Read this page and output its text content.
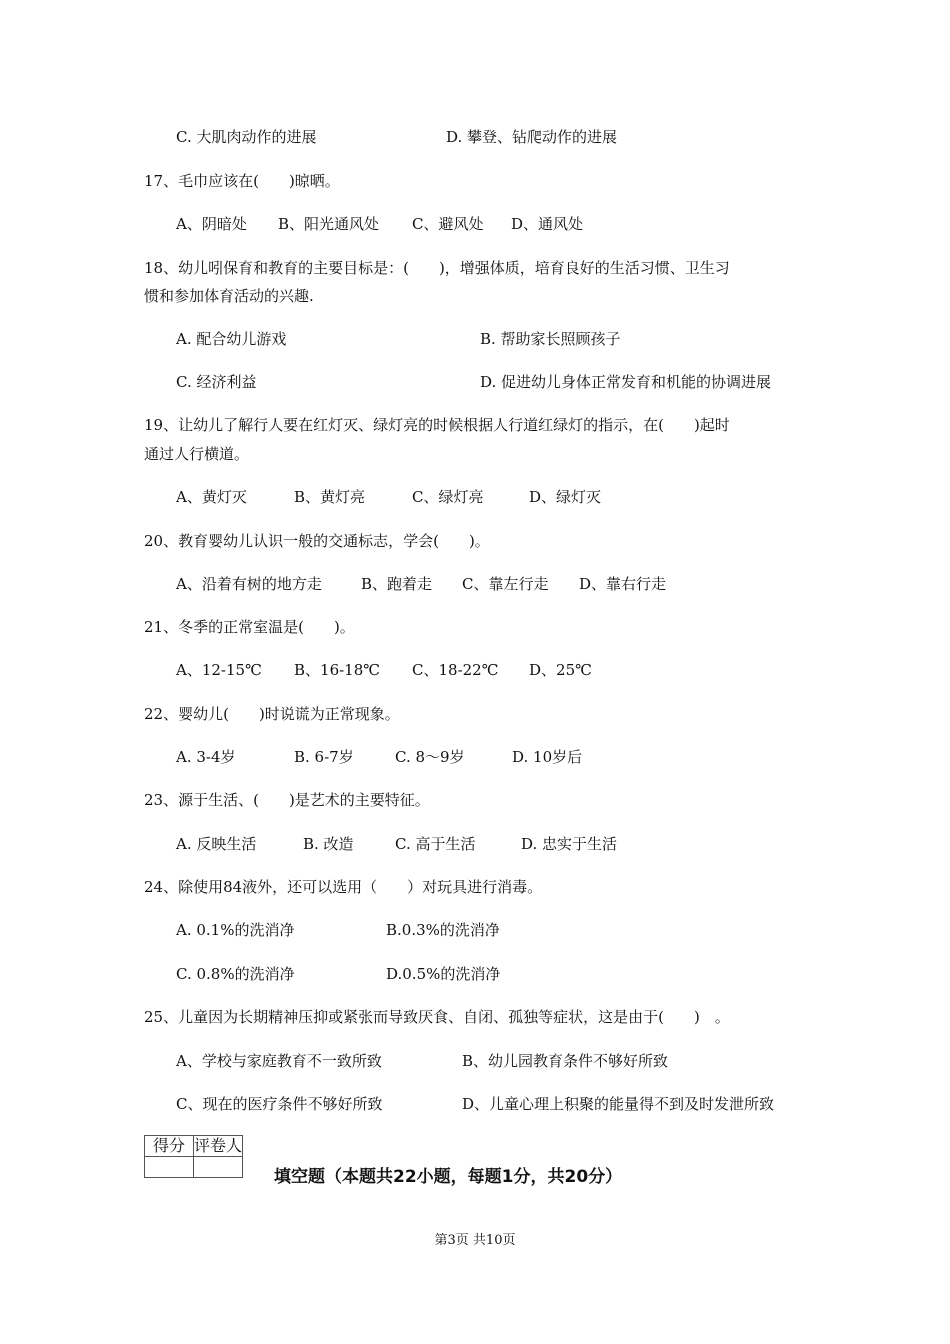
C. 大肌肉动作的进展	D. 攀登、钻爬动作的进展
17、毛巾应该在(　　)晾晒。
A、阴暗处 B、阳光通风处 C、避风处 D、通风处
18、幼儿吲保育和教育的主要目标是：(　　)，增强体质，培育良好的生活习惯、卫生习
惯和参加体育活动的兴趣.
A. 配合幼儿游戏	B. 帮助家长照顾孩子
C. 经济利益	D. 促进幼儿身体正常发育和机能的协调进展
19、让幼儿了解行人要在红灯灭、绿灯亮的时候根据人行道红绿灯的指示，在(　　)起时
通过人行横道。
A、黄灯灭	B、黄灯亮	C、绿灯亮	D、绿灯灭
20、教育婴幼儿认识一般的交通标志，学会(　　)。
A、沿着有树的地方走	B、跑着走 C、靠左行走 D、靠右行走
21、冬季的正常室温是(　　)。
A、12-15℃ B、16-18℃ C、18-22℃ D、25℃
22、婴幼儿(　　)时说谎为正常现象。
A. 3-4岁	B. 6-7岁	C. 8～9岁	D. 10岁后
23、源于生活、(　　)是艺术的主要特征。
A. 反映生活	B. 改造	C. 高于生活	D. 忠实于生活
24、除使用84液外，还可以选用（　　）对玩具进行消毒。
A. 0.1%的洗消净	B.0.3%的洗消净
C. 0.8%的洗消净	D.0.5%的洗消净
25、儿童因为长期精神压抑或紧张而导致厌食、自闭、孤独等症状，这是由于(　　)　。
A、学校与家庭教育不一致所致	B、幼儿园教育条件不够好所致
C、现在的医疗条件不够好所致	D、儿童心理上积聚的能量得不到及时发泄所致
得分	评卷人

填空题（本题共22小题，每题1分，共20分）
第3页 共10页
